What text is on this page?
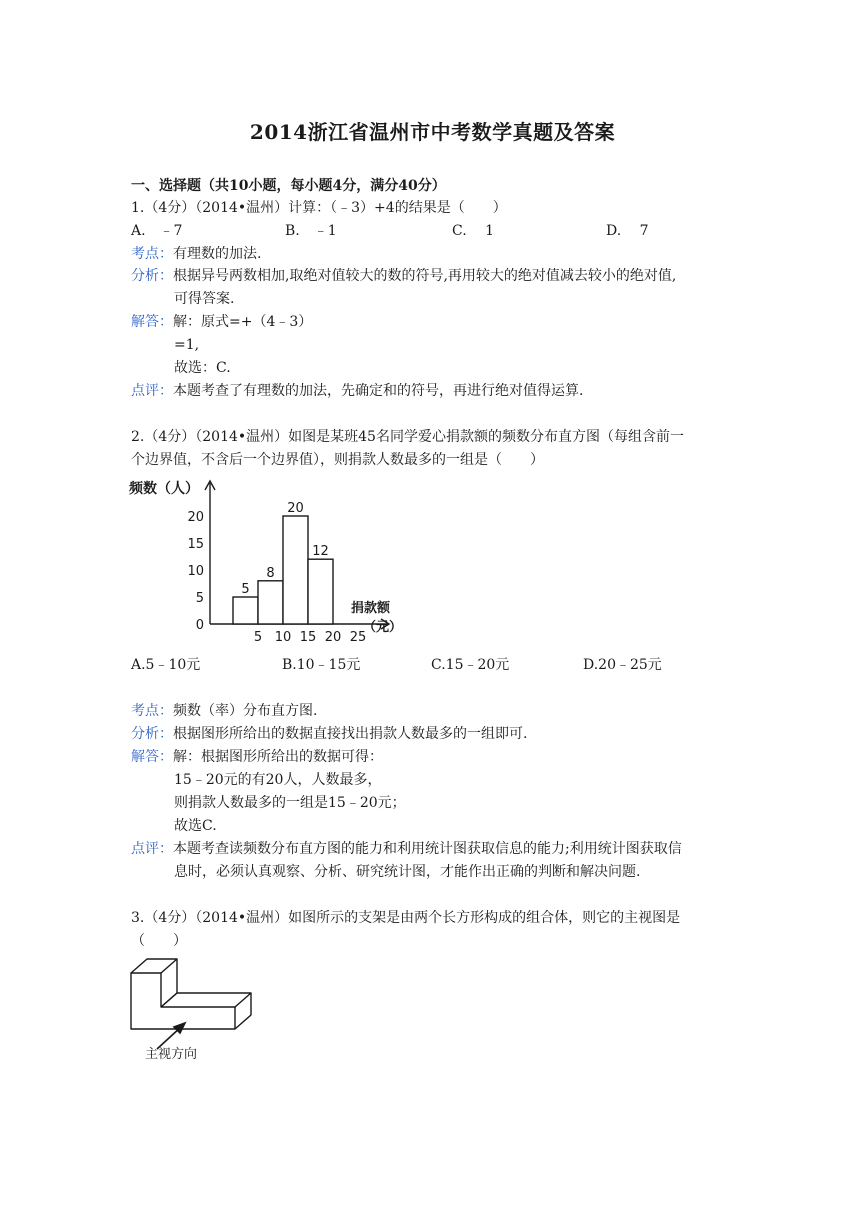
2014浙江省温州市中考数学真题及答案
一、选择题（共10小题，每小题4分，满分40分）
1.（4分）（2014•温州）计算：（﹣3）+4的结果是（　　）
A.　﹣7	B.　﹣1	C.　 1	D.　 7
考点：有理数的加法.
分析：根据异号两数相加,取绝对值较大的数的符号,再用较大的绝对值减去较小的绝对值,
可得答案.
解答：解：原式=+（4﹣3）
=1,
故选：C.
点评：本题考查了有理数的加法，先确定和的符号，再进行绝对值得运算.
2.（4分）（2014•温州）如图是某班45名同学爱心捐款额的频数分布直方图（每组含前一
个边界值，不含后一个边界值），则捐款人数最多的一组是（　　）
0
5
10
15
20
5 10 15 20 25
5
8
20
12
频数（人）
捐款额
（元）
A.5﹣10元	B.10﹣15元	C.15﹣20元	D.20﹣25元
考点：频数（率）分布直方图.
分析：根据图形所给出的数据直接找出捐款人数最多的一组即可.
解答：解：根据图形所给出的数据可得：
15﹣20元的有20人，人数最多，
则捐款人数最多的一组是15﹣20元；
故选C.
点评：本题考查读频数分布直方图的能力和利用统计图获取信息的能力;利用统计图获取信
息时，必须认真观察、分析、研究统计图，才能作出正确的判断和解决问题.
3.（4分）（2014•温州）如图所示的支架是由两个长方形构成的组合体，则它的主视图是
（　　）
主视方向
